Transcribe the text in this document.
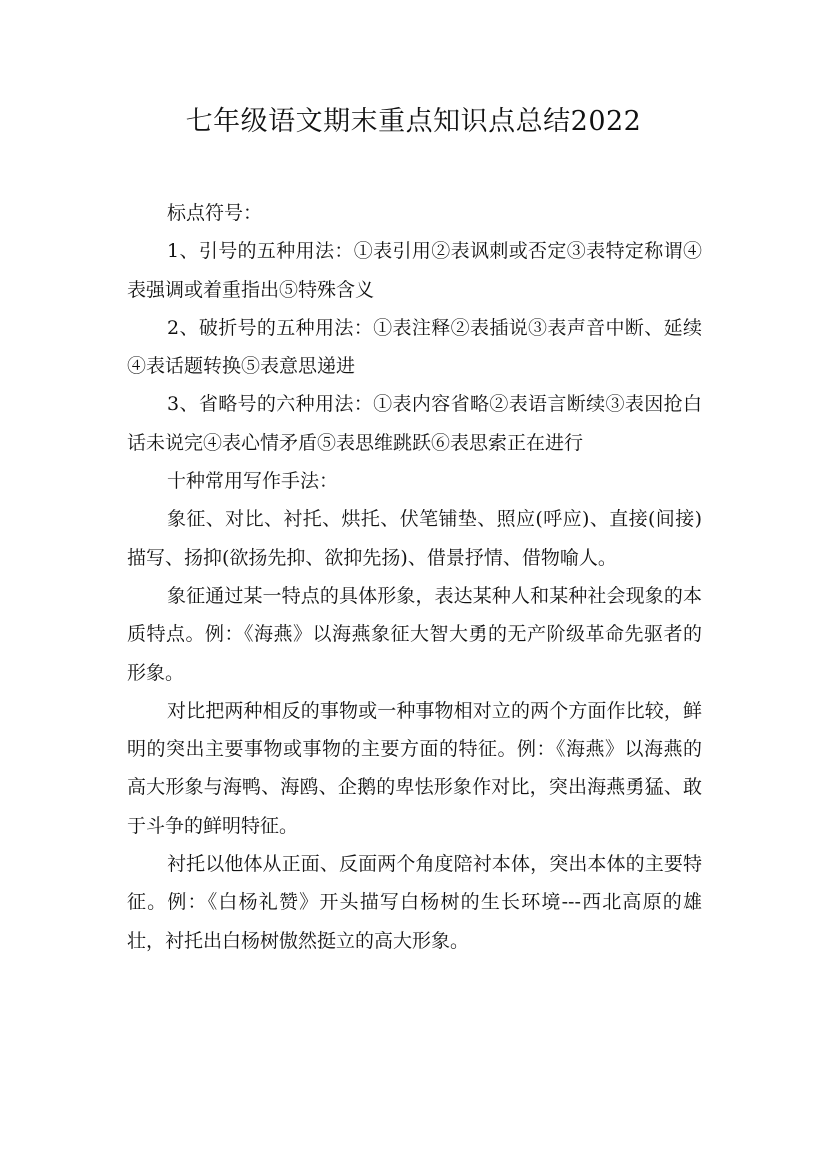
七年级语文期末重点知识点总结2022

标点符号：

1、引号的五种用法：①表引用②表讽刺或否定③表特定称谓④表强调或着重指出⑤特殊含义

2、破折号的五种用法：①表注释②表插说③表声音中断、延续④表话题转换⑤表意思递进

3、省略号的六种用法：①表内容省略②表语言断续③表因抢白话未说完④表心情矛盾⑤表思维跳跃⑥表思索正在进行

十种常用写作手法：

象征、对比、衬托、烘托、伏笔铺垫、照应(呼应)、直接(间接)描写、扬抑(欲扬先抑、欲抑先扬)、借景抒情、借物喻人。

象征通过某一特点的具体形象，表达某种人和某种社会现象的本质特点。例：《海燕》以海燕象征大智大勇的无产阶级革命先驱者的形象。

对比把两种相反的事物或一种事物相对立的两个方面作比较，鲜明的突出主要事物或事物的主要方面的特征。例：《海燕》以海燕的高大形象与海鸭、海鸥、企鹅的卑怯形象作对比，突出海燕勇猛、敢于斗争的鲜明特征。

衬托以他体从正面、反面两个角度陪衬本体，突出本体的主要特征。例：《白杨礼赞》开头描写白杨树的生长环境---西北高原的雄壮，衬托出白杨树傲然挺立的高大形象。
